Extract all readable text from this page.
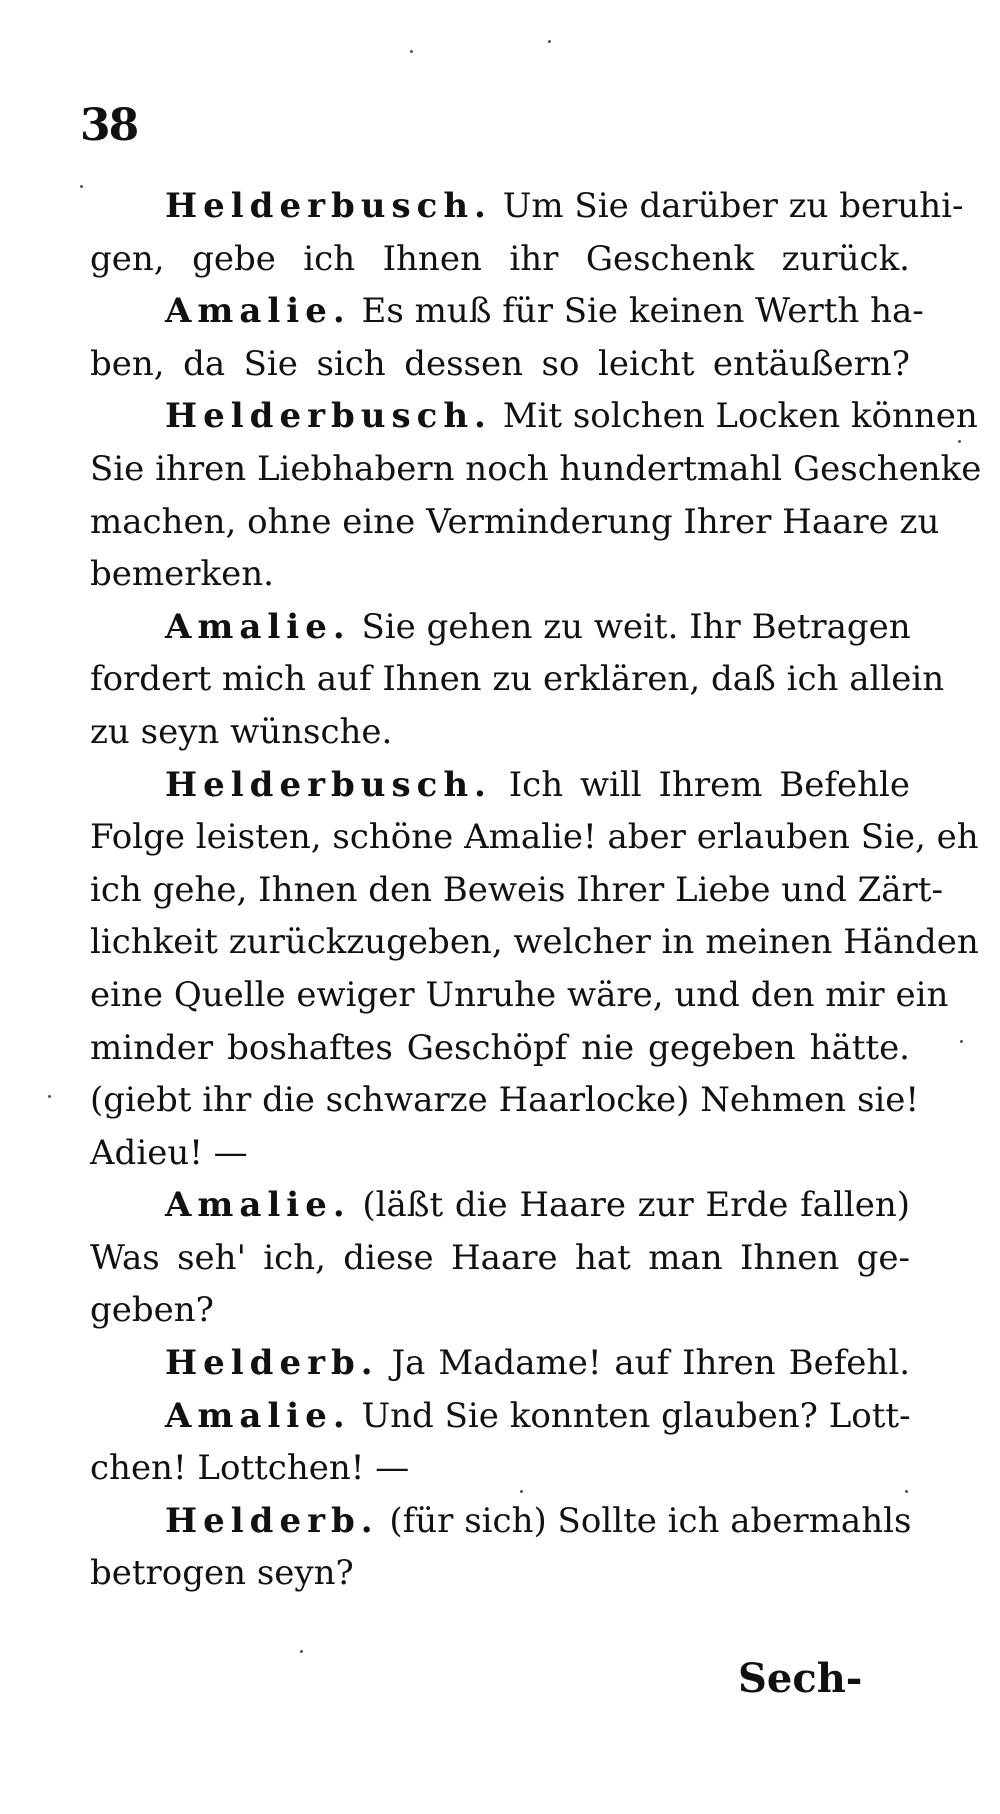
38
Helderbusch. Um Sie darüber zu beruhi-
gen, gebe ich Ihnen ihr Geschenk zurück.
Amalie. Es muß für Sie keinen Werth ha-
ben, da Sie sich dessen so leicht entäußern?
Helderbusch. Mit solchen Locken können
Sie ihren Liebhabern noch hundertmahl Geschenke
machen, ohne eine Verminderung Ihrer Haare zu
bemerken.
Amalie. Sie gehen zu weit. Ihr Betragen
fordert mich auf Ihnen zu erklären, daß ich allein
zu seyn wünsche.
Helderbusch. Ich will Ihrem Befehle
Folge leisten, schöne Amalie! aber erlauben Sie, eh
ich gehe, Ihnen den Beweis Ihrer Liebe und Zärt-
lichkeit zurückzugeben, welcher in meinen Händen
eine Quelle ewiger Unruhe wäre, und den mir ein
minder boshaftes Geschöpf nie gegeben hätte.
(giebt ihr die schwarze Haarlocke) Nehmen sie!
Adieu! —
Amalie. (läßt die Haare zur Erde fallen)
Was seh' ich, diese Haare hat man Ihnen ge-
geben?
Helderb. Ja Madame! auf Ihren Befehl.
Amalie. Und Sie konnten glauben? Lott-
chen! Lottchen! —
Helderb. (für sich) Sollte ich abermahls
betrogen seyn?
Sech-
